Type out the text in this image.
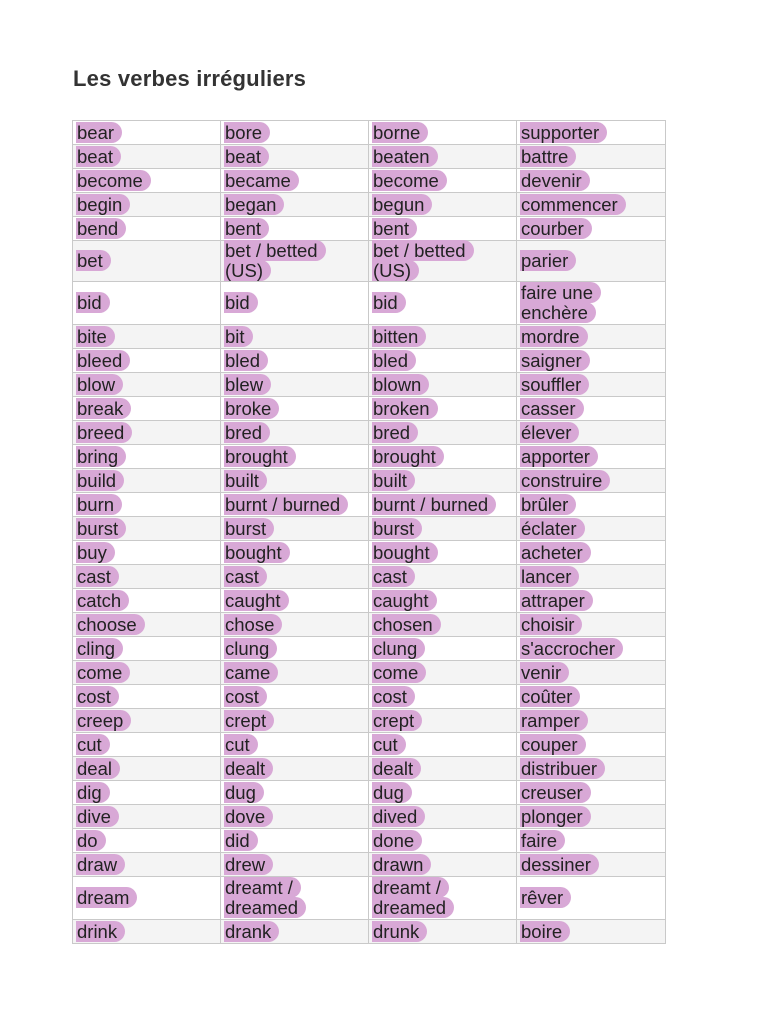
Les verbes irréguliers
bear	bore	borne	supporter
beat	beat	beaten	battre
become	became	become	devenir
begin	began	begun	commencer
bend	bent	bent	courber
bet	bet / betted (US)	bet / betted (US)	parier
bid	bid	bid	faire une enchère
bite	bit	bitten	mordre
bleed	bled	bled	saigner
blow	blew	blown	souffler
break	broke	broken	casser
breed	bred	bred	élever
bring	brought	brought	apporter
build	built	built	construire
burn	burnt / burned	burnt / burned	brûler
burst	burst	burst	éclater
buy	bought	bought	acheter
cast	cast	cast	lancer
catch	caught	caught	attraper
choose	chose	chosen	choisir
cling	clung	clung	s'accrocher
come	came	come	venir
cost	cost	cost	coûter
creep	crept	crept	ramper
cut	cut	cut	couper
deal	dealt	dealt	distribuer
dig	dug	dug	creuser
dive	dove	dived	plonger
do	did	done	faire
draw	drew	drawn	dessiner
dream	dreamt / dreamed	dreamt / dreamed	rêver
drink	drank	drunk	boire
